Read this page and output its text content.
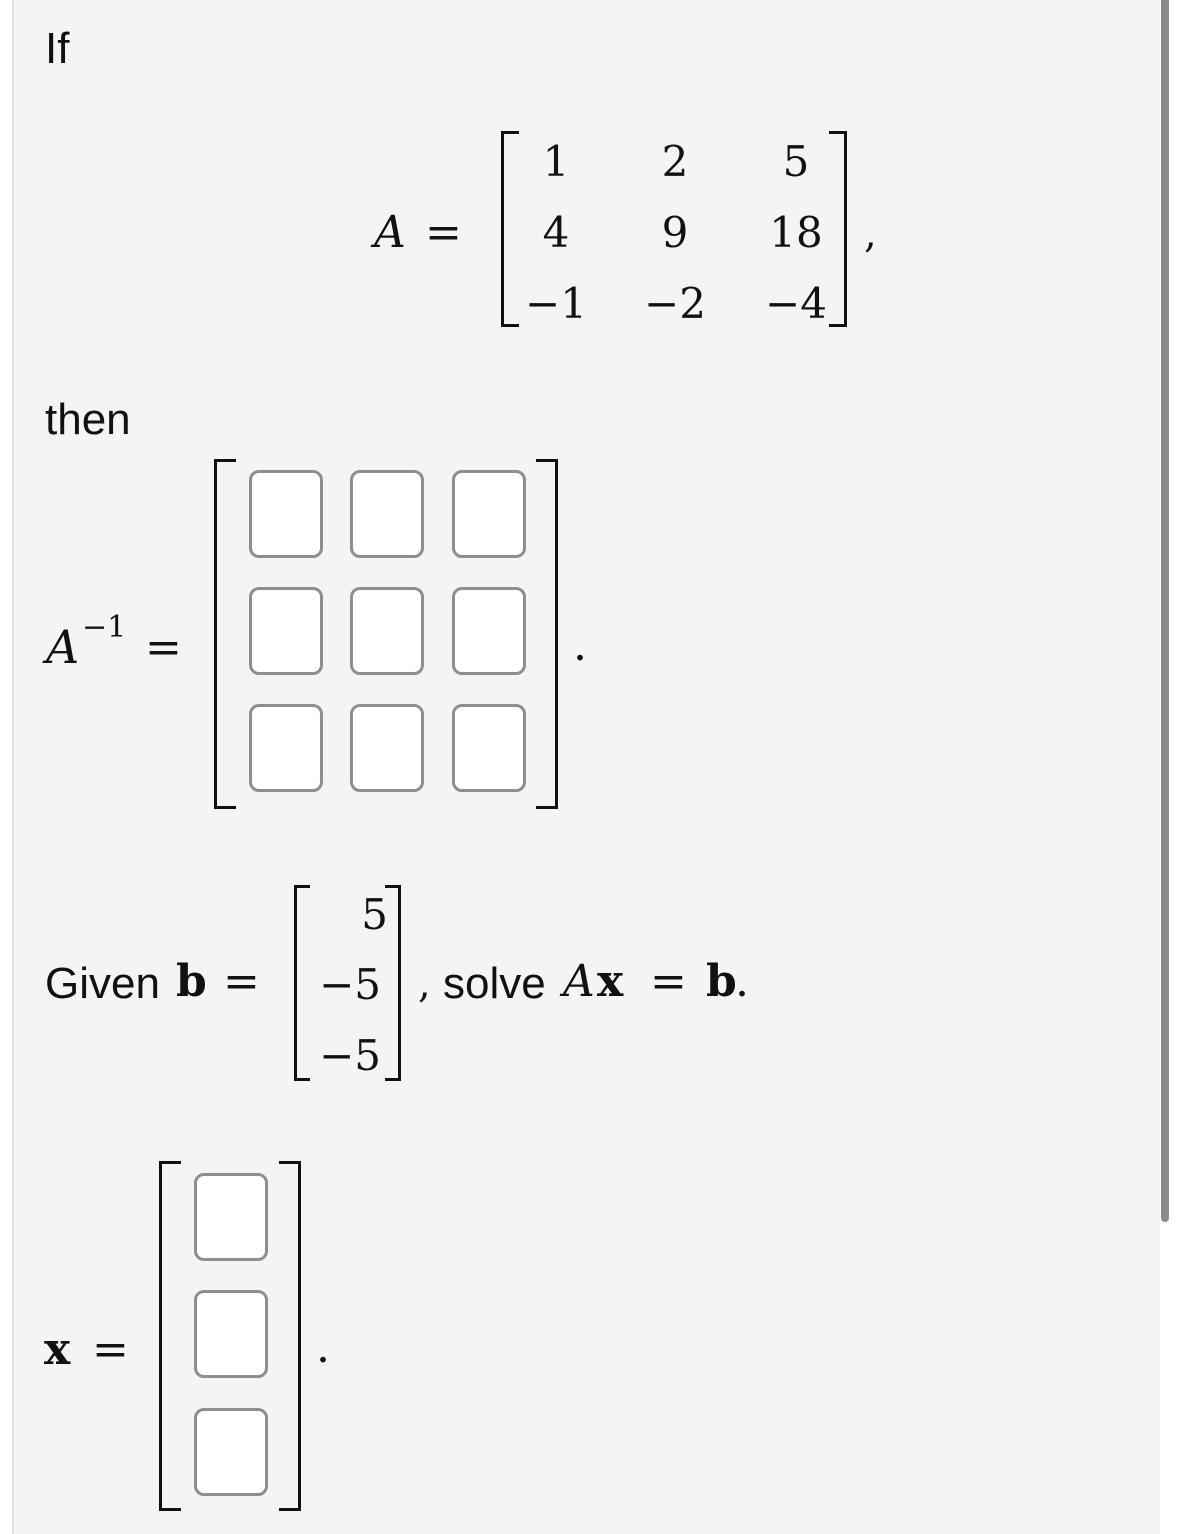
If
A =
1	2	5
4	9	18
−1	−2	−4
,
then
A −1 =	.
Given b =
5
−5
−5
, solve A x = b
.
x =	.
